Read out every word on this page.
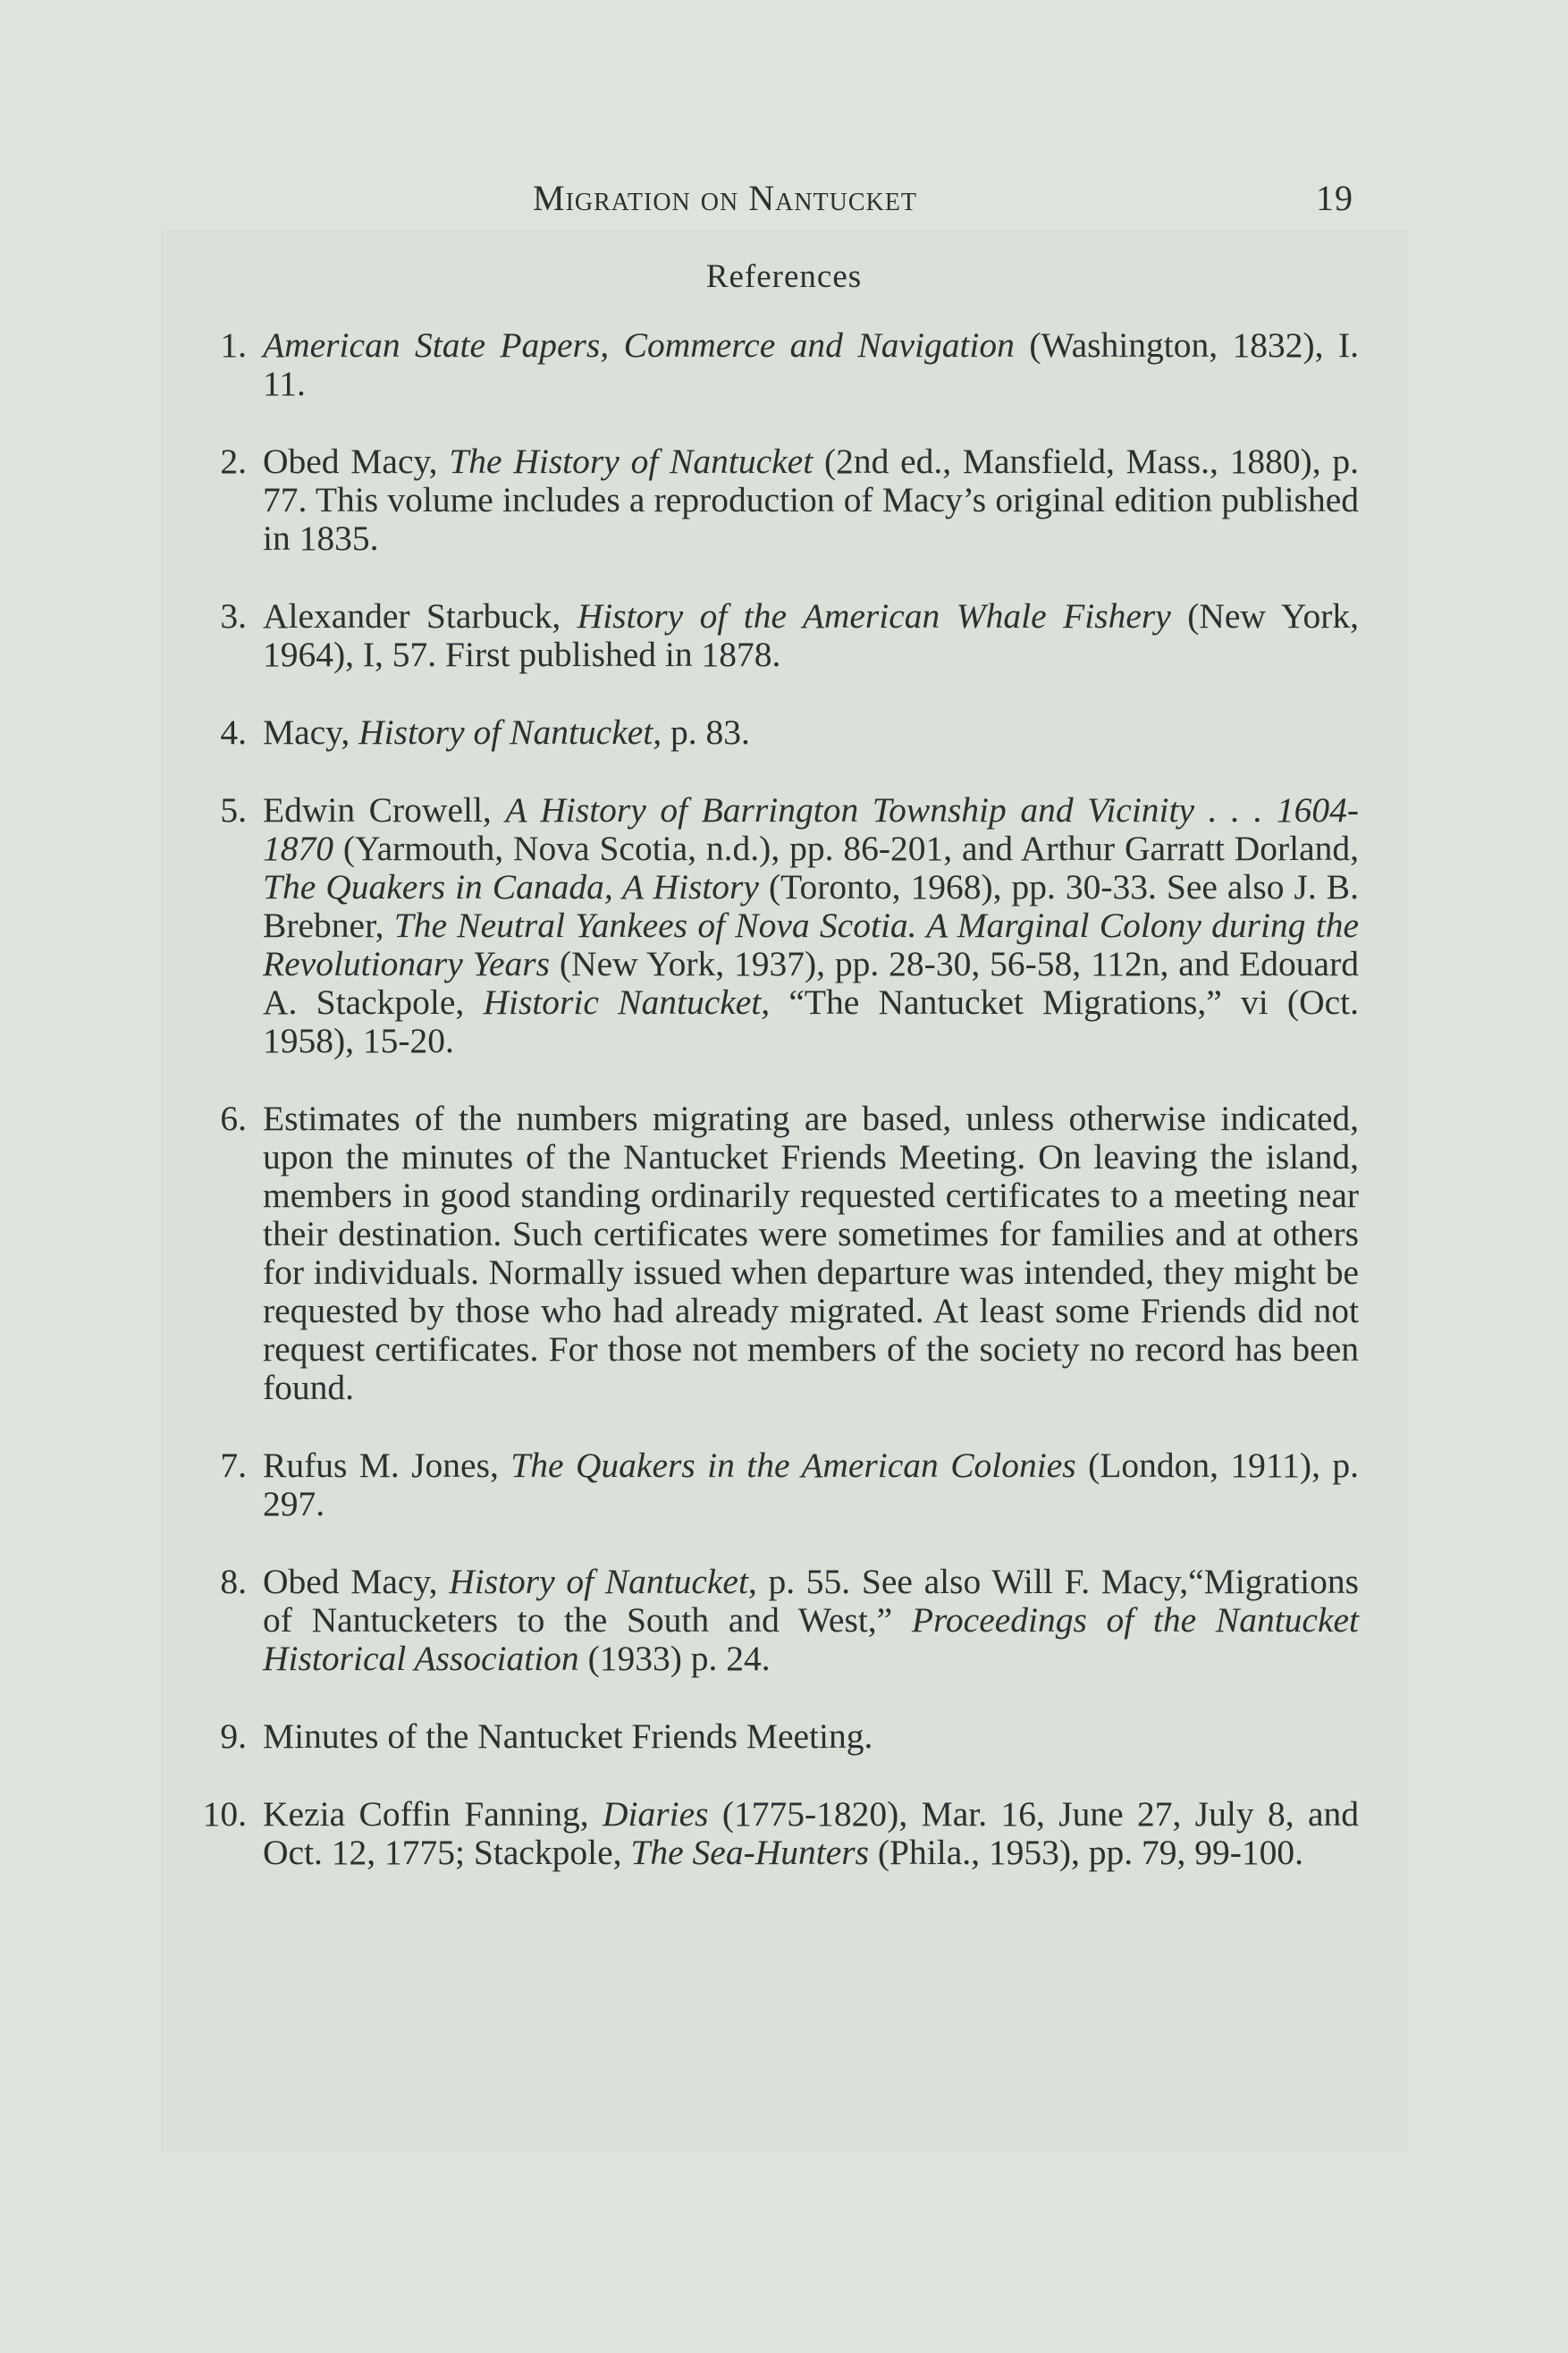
Migration on Nantucket	19
References
1. American State Papers, Commerce and Navigation (Washington, 1832), I. 11.
2. Obed Macy, The History of Nantucket (2nd ed., Mansfield, Mass., 1880), p. 77. This volume includes a reproduction of Macy’s original edition published in 1835.
3. Alexander Starbuck, History of the American Whale Fishery (New York, 1964), I, 57. First published in 1878.
4. Macy, History of Nantucket, p. 83.
5. Edwin Crowell, A History of Barrington Township and Vicinity . . . 1604-1870 (Yarmouth, Nova Scotia, n.d.), pp. 86-201, and Arthur Garratt Dorland, The Quakers in Canada, A History (Toronto, 1968), pp. 30-33. See also J. B. Brebner, The Neutral Yankees of Nova Scotia. A Marginal Colony during the Revolutionary Years (New York, 1937), pp. 28-30, 56-58, 112n, and Edouard A. Stackpole, Historic Nantucket, “The Nantucket Migrations,” vi (Oct. 1958), 15-20.
6. Estimates of the numbers migrating are based, unless otherwise indicated, upon the minutes of the Nantucket Friends Meeting. On leaving the island, members in good standing ordinarily requested certificates to a meeting near their destination. Such certificates were sometimes for families and at others for individuals. Normally issued when departure was intended, they might be requested by those who had already migrated. At least some Friends did not request certificates. For those not members of the society no record has been found.
7. Rufus M. Jones, The Quakers in the American Colonies (London, 1911), p. 297.
8. Obed Macy, History of Nantucket, p. 55. See also Will F. Macy,“Migrations of Nantucketers to the South and West,” Proceedings of the Nantucket Historical Association (1933) p. 24.
9. Minutes of the Nantucket Friends Meeting.
10. Kezia Coffin Fanning, Diaries (1775-1820), Mar. 16, June 27, July 8, and Oct. 12, 1775; Stackpole, The Sea-Hunters (Phila., 1953), pp. 79, 99-100.
